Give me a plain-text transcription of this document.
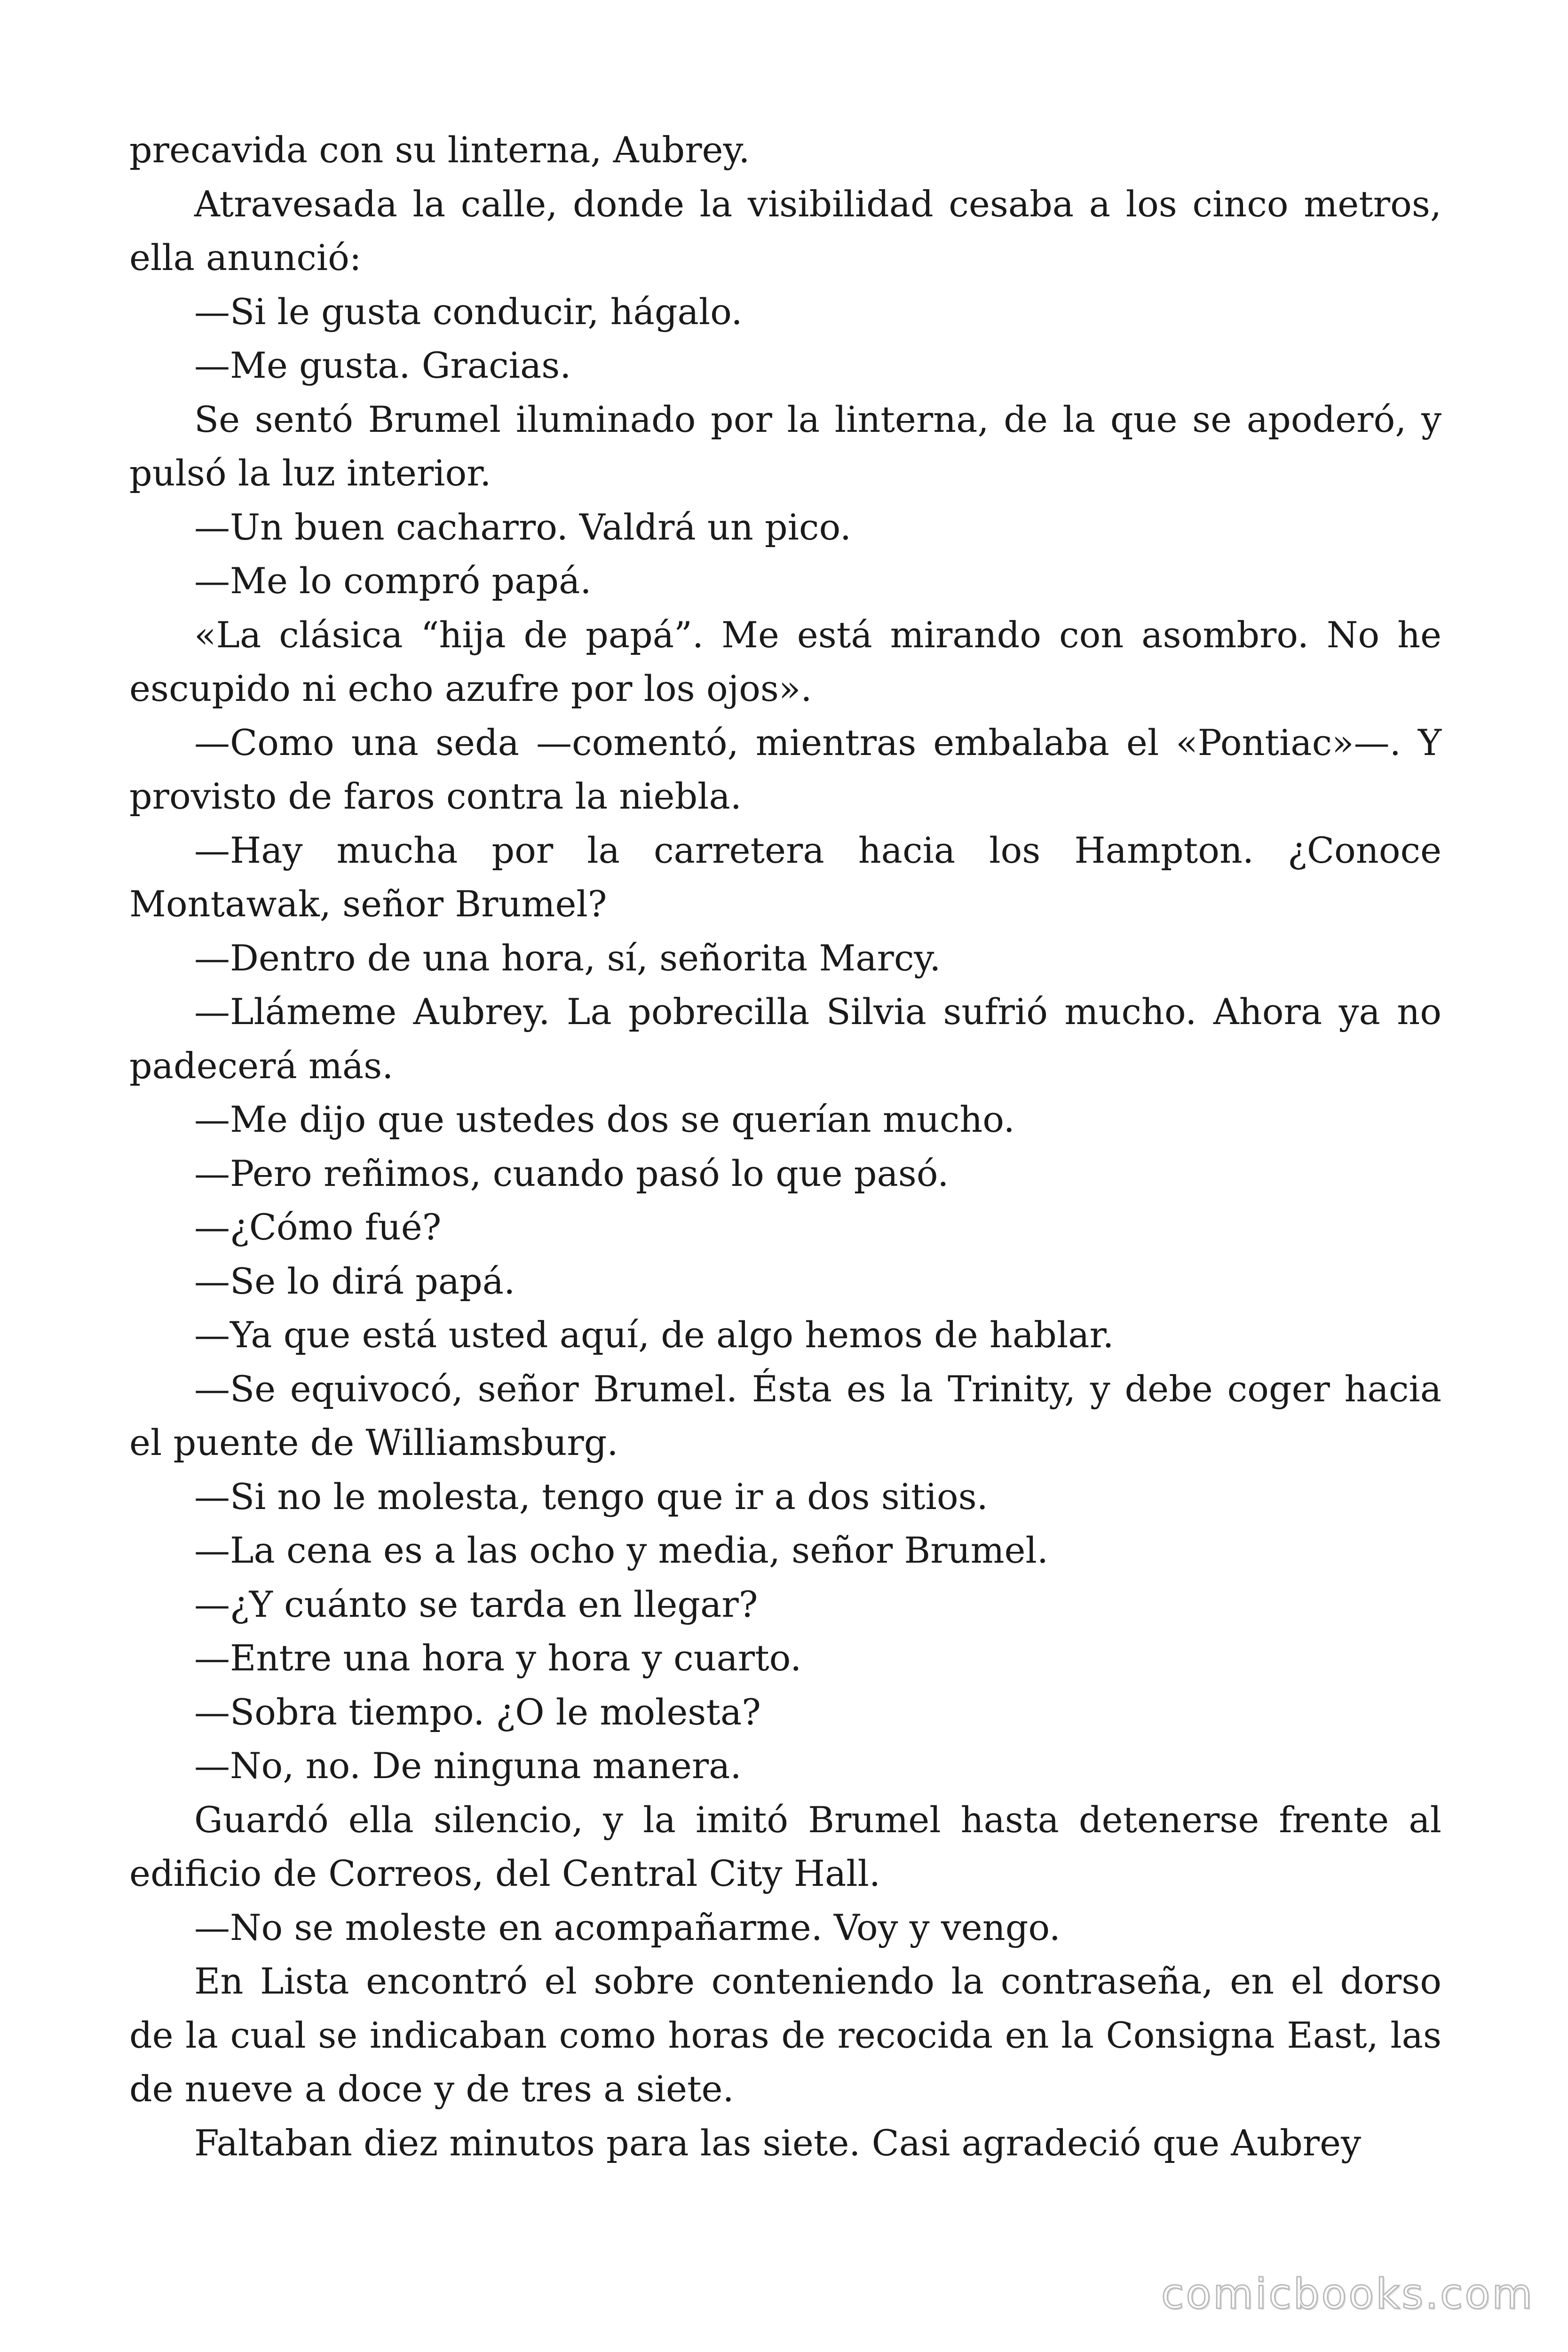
precavida con su linterna, Aubrey.

Atravesada la calle, donde la visibilidad cesaba a los cinco metros, ella anunció:

—Si le gusta conducir, hágalo.

—Me gusta. Gracias.

Se sentó Brumel iluminado por la linterna, de la que se apoderó, y pulsó la luz interior.

—Un buen cacharro. Valdrá un pico.

—Me lo compró papá.

«La clásica “hija de papá”. Me está mirando con asombro. No he escupido ni echo azufre por los ojos».

—Como una seda —comentó, mientras embalaba el «Pontiac»—. Y provisto de faros contra la niebla.

—Hay mucha por la carretera hacia los Hampton. ¿Conoce Montawak, señor Brumel?

—Dentro de una hora, sí, señorita Marcy.

—Llámeme Aubrey. La pobrecilla Silvia sufrió mucho. Ahora ya no padecerá más.

—Me dijo que ustedes dos se querían mucho.

—Pero reñimos, cuando pasó lo que pasó.

—¿Cómo fué?

—Se lo dirá papá.

—Ya que está usted aquí, de algo hemos de hablar.

—Se equivocó, señor Brumel. Ésta es la Trinity, y debe coger hacia el puente de Williamsburg.

—Si no le molesta, tengo que ir a dos sitios.

—La cena es a las ocho y media, señor Brumel.

—¿Y cuánto se tarda en llegar?

—Entre una hora y hora y cuarto.

—Sobra tiempo. ¿O le molesta?

—No, no. De ninguna manera.

Guardó ella silencio, y la imitó Brumel hasta detenerse frente al edificio de Correos, del Central City Hall.

—No se moleste en acompañarme. Voy y vengo.

En Lista encontró el sobre conteniendo la contraseña, en el dorso de la cual se indicaban como horas de recocida en la Consigna East, las de nueve a doce y de tres a siete.

Faltaban diez minutos para las siete. Casi agradeció que Aubrey

comicbooks.com
